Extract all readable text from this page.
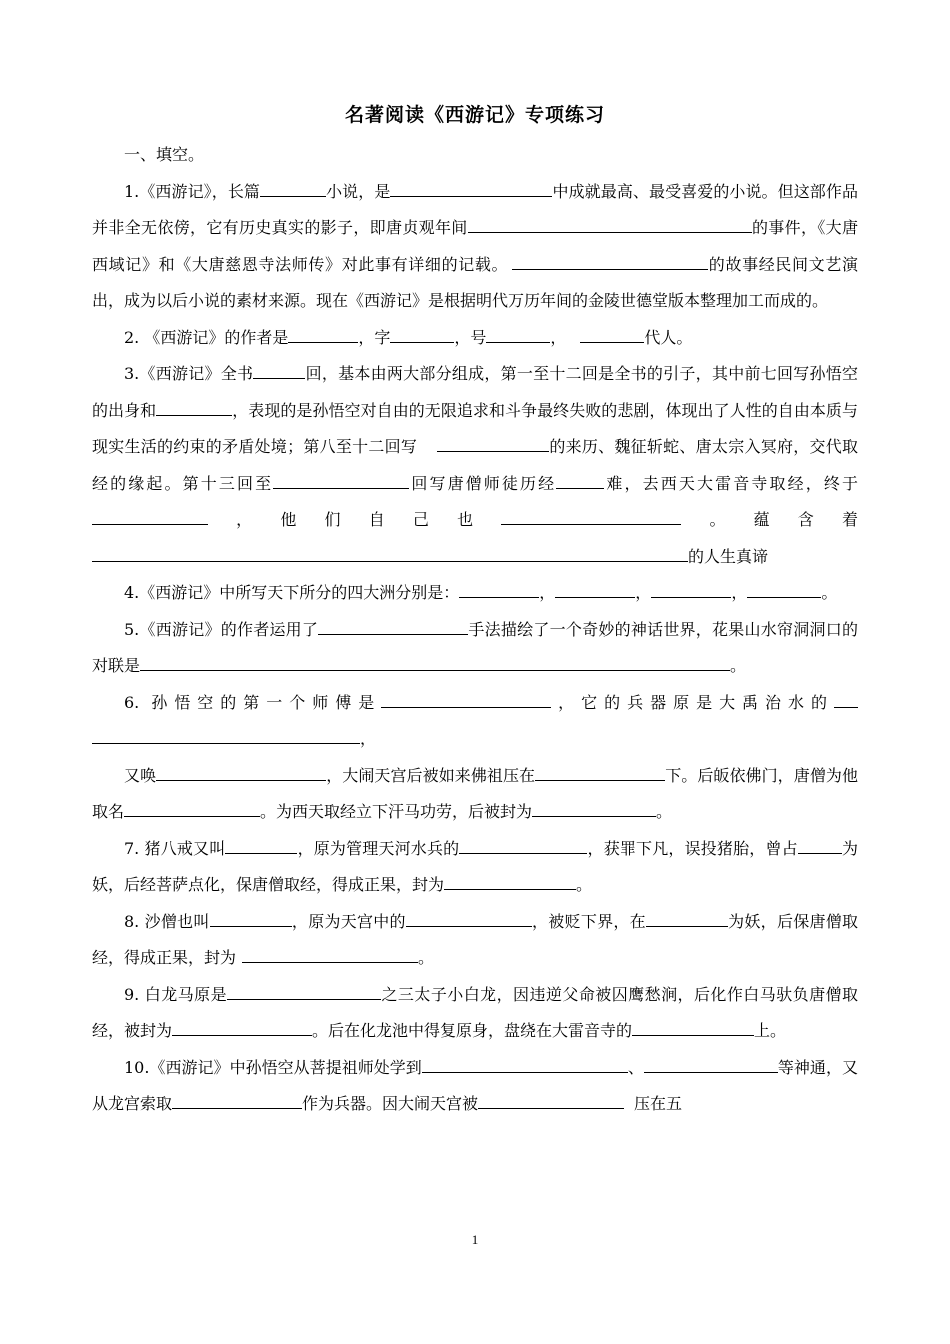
名著阅读《西游记》专项练习

一、填空。

1.《西游记》，长篇	小说，是	中成就最高、最受喜爱的小说。但这部作品并非全无依傍，它有历史真实的影子，即唐贞观年间	的事件，《大唐西域记》和《大唐慈恩寺法师传》对此事有详细的记载。	的故事经民间文艺演出，成为以后小说的素材来源。现在《西游记》是根据明代万历年间的金陵世德堂版本整理加工而成的。

2. 《西游记》的作者是	，字	，号	，	代人。

3.《西游记》全书	回，基本由两大部分组成，第一至十二回是全书的引子，其中前七回写孙悟空的出身和	，表现的是孙悟空对自由的无限追求和斗争最终失败的悲剧，体现出了人性的自由本质与现实生活的约束的矛盾处境；第八至十二回写	的来历、魏征斩蛇、唐太宗入冥府，交代取经的缘起。第十三回至	回写唐僧师徒历经	难，去西天大雷音寺取经，终于，他们自己也	。蕴含着的人生真谛

4.《西游记》中所写天下所分的四大洲分别是：	，	，	，	。

5.《西游记》的作者运用了	手法描绘了一个奇妙的神话世界，花果山水帘洞洞口的对联是	。

6. 孙悟空的第一个师傅是	，它的兵器原是大禹治水的，

又唤	，大闹天宫后被如来佛祖压在	下。后皈依佛门，唐僧为他取名	。为西天取经立下汗马功劳，后被封为	。

7. 猪八戒又叫	，原为管理天河水兵的	，获罪下凡，误投猪胎，曾占	为妖，后经菩萨点化，保唐僧取经，得成正果，封为	。

8. 沙僧也叫	，原为天宫中的	，被贬下界，在	为妖，后保唐僧取经，得成正果，封为	。

9. 白龙马原是	之三太子小白龙，因违逆父命被囚鹰愁涧，后化作白马驮负唐僧取经，被封为	。后在化龙池中得复原身，盘绕在大雷音寺的	上。

10.《西游记》中孙悟空从菩提祖师处学到	、	等神通，又从龙宫索取	作为兵器。因大闹天宫被	压在五

1
